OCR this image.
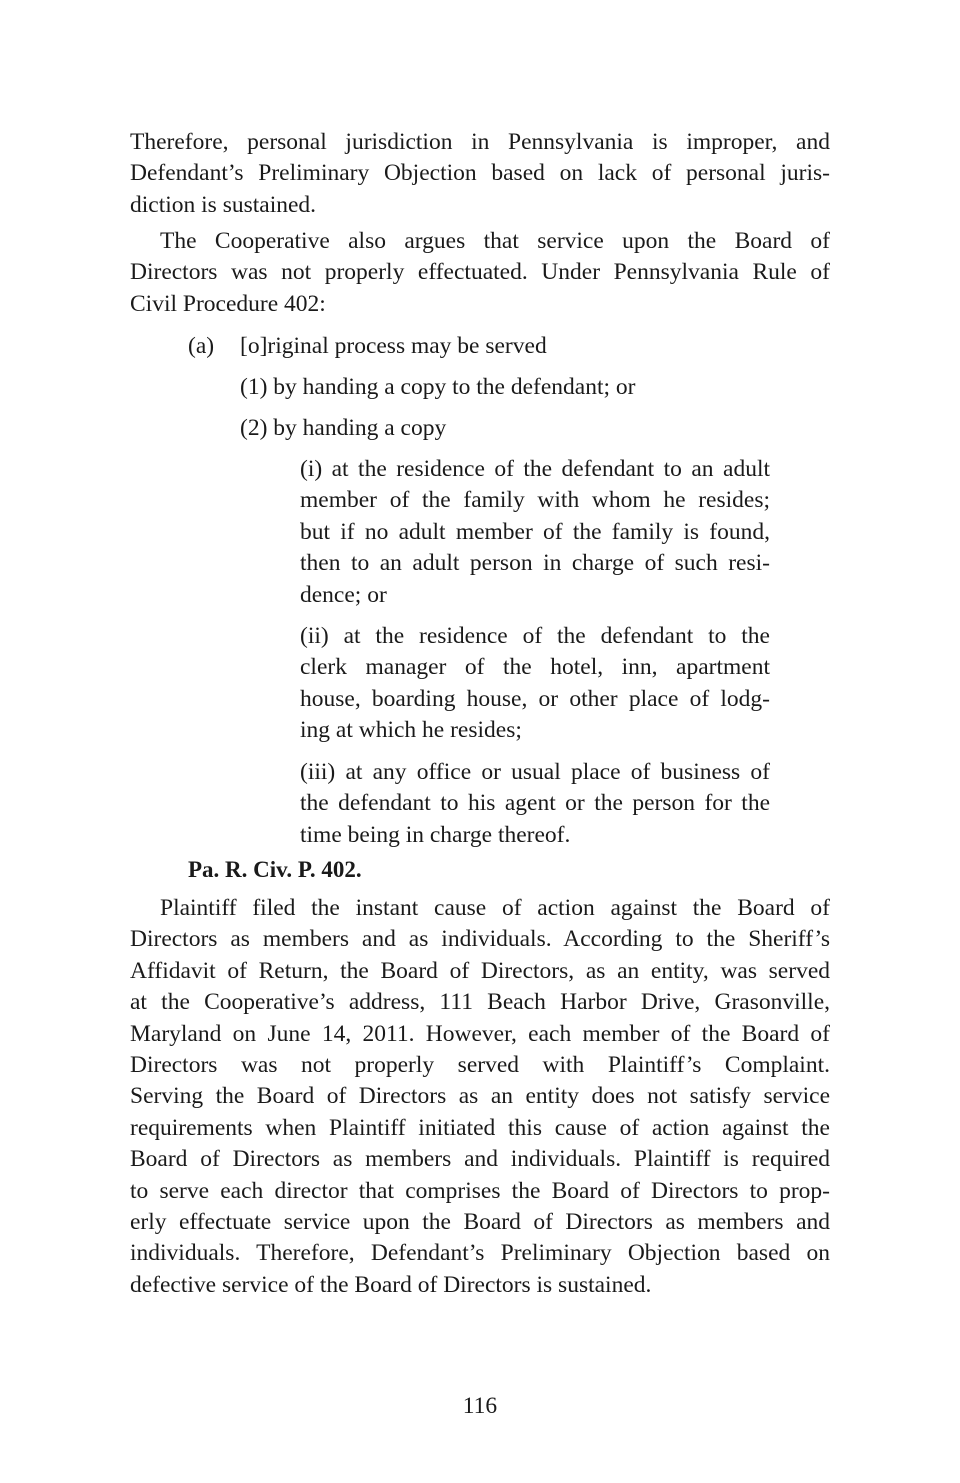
Therefore, personal jurisdiction in Pennsylvania is improper, and
Defendant’s Preliminary Objection based on lack of personal juris-
diction is sustained.
The Cooperative also argues that service upon the Board of
Directors was not properly effectuated. Under Pennsylvania Rule of
Civil Procedure 402:

(a) [o]riginal process may be served

(1) by handing a copy to the defendant; or

(2) by handing a copy

(i) at the residence of the defendant to an adult
member of the family with whom he resides;
but if no adult member of the family is found,
then to an adult person in charge of such resi-
dence; or
(ii) at the residence of the defendant to the
clerk manager of the hotel, inn, apartment
house, boarding house, or other place of lodg-
ing at which he resides;
(iii) at any office or usual place of business of
the defendant to his agent or the person for the
time being in charge thereof.

Pa. R. Civ. P. 402.

Plaintiff filed the instant cause of action against the Board of
Directors as members and as individuals. According to the Sheriff’s
Affidavit of Return, the Board of Directors, as an entity, was served
at the Cooperative’s address, 111 Beach Harbor Drive, Grasonville,
Maryland on June 14, 2011. However, each member of the Board of
Directors was not properly served with Plaintiff’s Complaint.
Serving the Board of Directors as an entity does not satisfy service
requirements when Plaintiff initiated this cause of action against the
Board of Directors as members and individuals. Plaintiff is required
to serve each director that comprises the Board of Directors to prop-
erly effectuate service upon the Board of Directors as members and
individuals. Therefore, Defendant’s Preliminary Objection based on
defective service of the Board of Directors is sustained.

116
